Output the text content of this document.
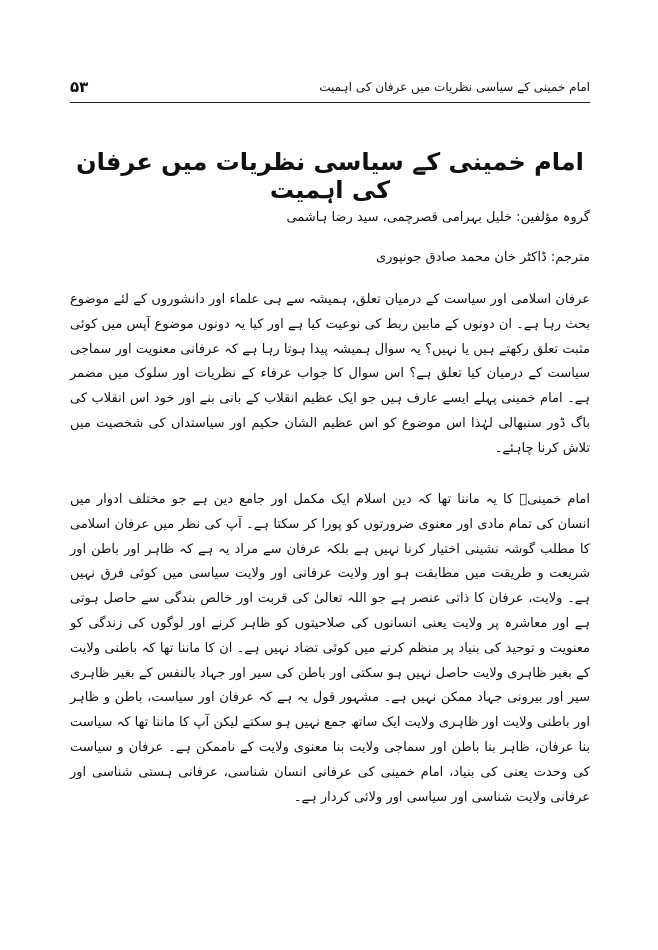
۵۳	امام خمینی کے سیاسی نظریات میں عرفان کی اہمیت
امام خمینی کے سیاسی نظریات میں عرفان کی اہمیت

گروہ مؤلفین: خلیل بہرامی قصرچمی، سید رضا ہاشمی

مترجم: ڈاکٹر خان محمد صادق جونپوری

عرفان اسلامی اور سیاست کے درمیان تعلق، ہمیشہ سے ہی علماء اور دانشوروں کے لئے موضوع بحث رہا ہے۔ ان دونوں کے مابین ربط کی نوعیت کیا ہے اور کیا یہ دونوں موضوع آپس میں کوئی مثبت تعلق رکھتے ہیں یا نہیں؟ یہ سوال ہمیشہ پیدا ہوتا رہا ہے کہ عرفانی معنویت اور سماجی سیاست کے درمیان کیا تعلق ہے؟ اس سوال کا جواب عرفاء کے نظریات اور سلوک میں مضمر ہے۔ امام خمینی پہلے ایسے عارف ہیں جو ایک عظیم انقلاب کے بانی بنے اور خود اس انقلاب کی باگ ڈور سنبھالی لہٰذا اس موضوع کو اس عظیم الشان حکیم اور سیاستداں کی شخصیت میں تلاش کرنا چاہئے۔

امام خمینیؒ کا یہ ماننا تھا کہ دین اسلام ایک مکمل اور جامع دین ہے جو مختلف ادوار میں انسان کی تمام مادی اور معنوی ضرورتوں کو پورا کر سکتا ہے۔ آپ کی نظر میں عرفان اسلامی کا مطلب گوشہ نشینی اختیار کرنا نہیں ہے بلکہ عرفان سے مراد یہ ہے کہ ظاہر اور باطن اور شریعت و طریقت میں مطابقت ہو اور ولایت عرفانی اور ولایت سیاسی میں کوئی فرق نہیں ہے۔ ولایت، عرفان کا ذاتی عنصر ہے جو اللہ تعالیٰ کی قربت اور خالص بندگی سے حاصل ہوتی ہے اور معاشرہ پر ولایت یعنی انسانوں کی صلاحیتوں کو ظاہر کرنے اور لوگوں کی زندگی کو معنویت و توحید کی بنیاد پر منظم کرنے میں کوئی تضاد نہیں ہے۔ ان کا ماننا تھا کہ باطنی ولایت کے بغیر ظاہری ولایت حاصل نہیں ہو سکتی اور باطن کی سیر اور جہاد بالنفس کے بغیر ظاہری سیر اور بیرونی جہاد ممکن نہیں ہے۔ مشہور قول یہ ہے کہ عرفان اور سیاست، باطن و ظاہر اور باطنی ولایت اور ظاہری ولایت ایک ساتھ جمع نہیں ہو سکتے لیکن آپ کا ماننا تھا کہ سیاست بنا عرفان، ظاہر بنا باطن اور سماجی ولایت بنا معنوی ولایت کے ناممکن ہے۔ عرفان و سیاست کی وحدت یعنی کی بنیاد، امام خمینی کی عرفانی انسان شناسی، عرفانی ہستی شناسی اور عرفانی ولایت شناسی اور سیاسی اور ولائی کردار ہے۔
